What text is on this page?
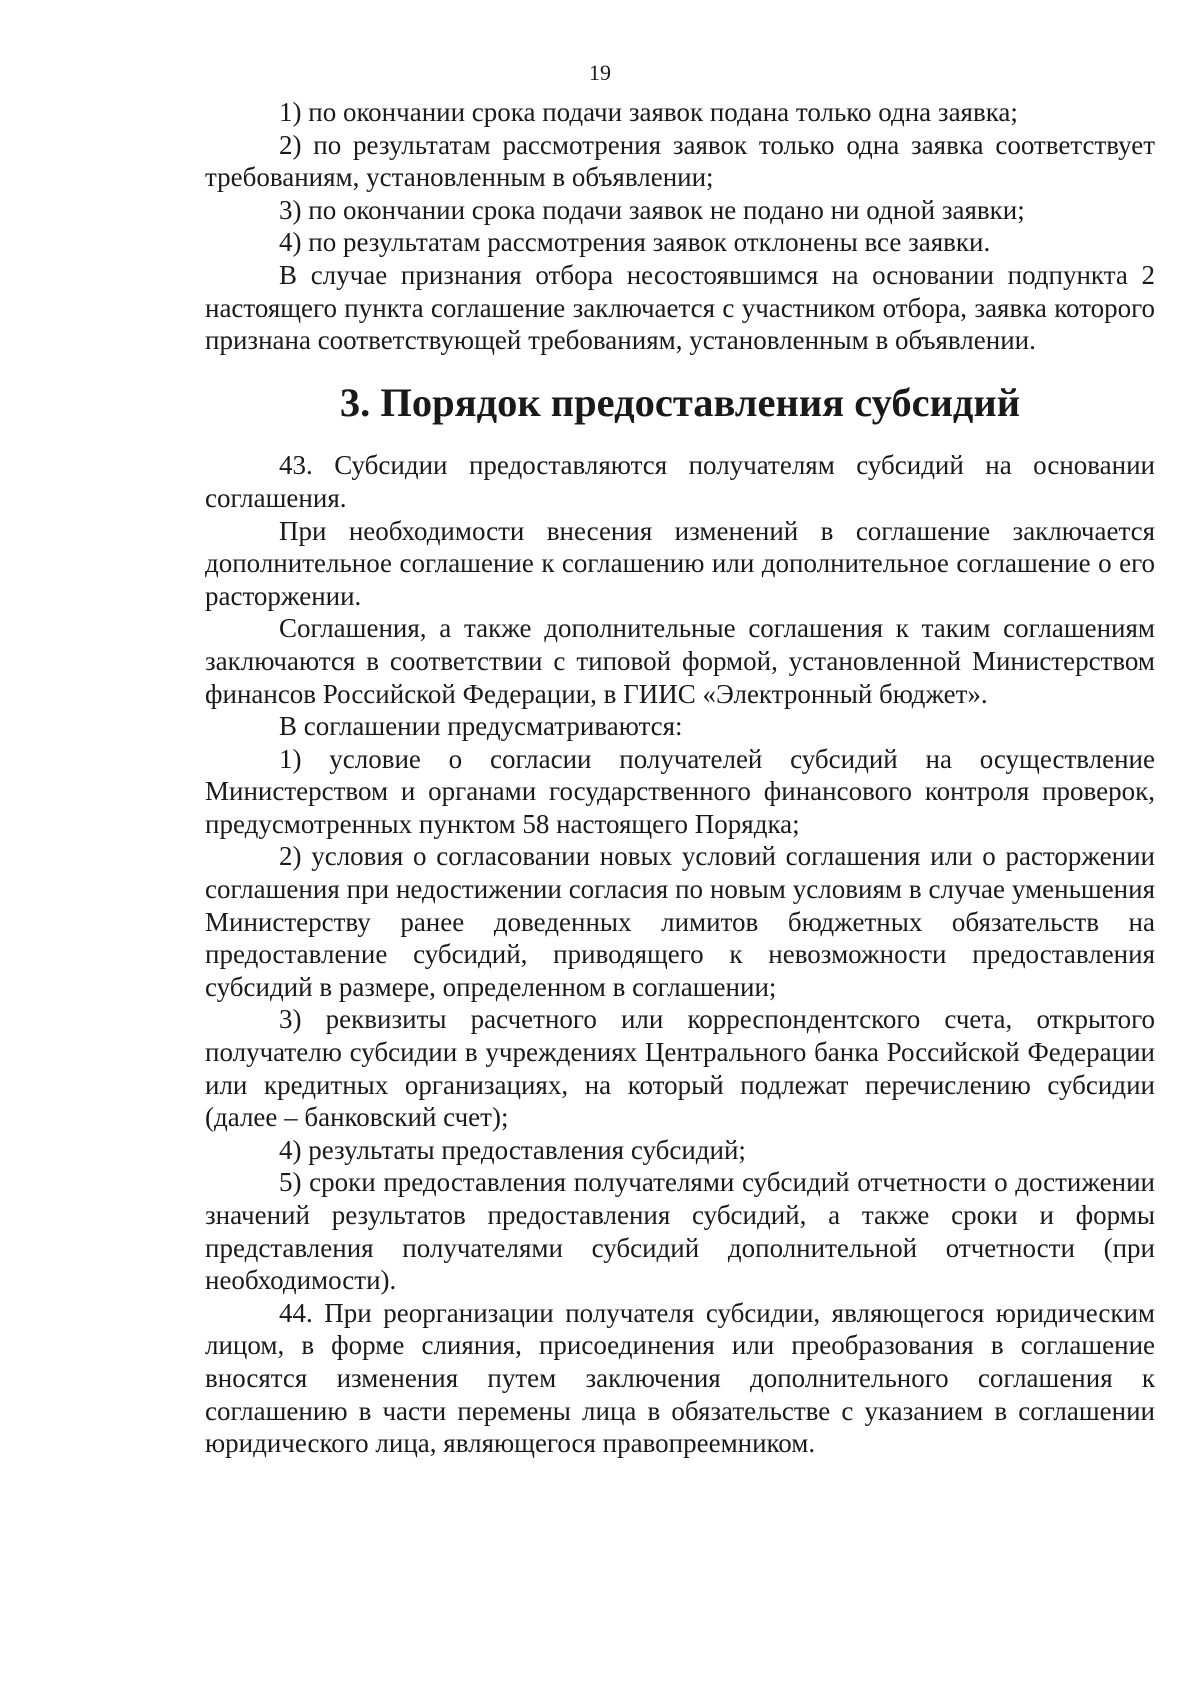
19

1) по окончании срока подачи заявок подана только одна заявка;

2) по результатам рассмотрения заявок только одна заявка соответствует требованиям, установленным в объявлении;

3) по окончании срока подачи заявок не подано ни одной заявки;

4) по результатам рассмотрения заявок отклонены все заявки.

В случае признания отбора несостоявшимся на основании подпункта 2 настоящего пункта соглашение заключается с участником отбора, заявка которого признана соответствующей требованиям, установленным в объявлении.

3. Порядок предоставления субсидий

43. Субсидии предоставляются получателям субсидий на основании соглашения.

При необходимости внесения изменений в соглашение заключается дополнительное соглашение к соглашению или дополнительное соглашение о его расторжении.

Соглашения, а также дополнительные соглашения к таким соглашениям заключаются в соответствии с типовой формой, установленной Министерством финансов Российской Федерации, в ГИИС «Электронный бюджет».

В соглашении предусматриваются:

1) условие о согласии получателей субсидий на осуществление Министерством и органами государственного финансового контроля проверок, предусмотренных пунктом 58 настоящего Порядка;

2) условия о согласовании новых условий соглашения или о расторжении соглашения при недостижении согласия по новым условиям в случае уменьшения Министерству ранее доведенных лимитов бюджетных обязательств на предоставление субсидий, приводящего к невозможности предоставления субсидий в размере, определенном в соглашении;

3) реквизиты расчетного или корреспондентского счета, открытого получателю субсидии в учреждениях Центрального банка Российской Федерации или кредитных организациях, на который подлежат перечислению субсидии (далее – банковский счет);

4) результаты предоставления субсидий;

5) сроки предоставления получателями субсидий отчетности о достижении значений результатов предоставления субсидий, а также сроки и формы представления получателями субсидий дополнительной отчетности (при необходимости).

44. При реорганизации получателя субсидии, являющегося юридическим лицом, в форме слияния, присоединения или преобразования в соглашение вносятся изменения путем заключения дополнительного соглашения к соглашению в части перемены лица в обязательстве с указанием в соглашении юридического лица, являющегося правопреемником.
